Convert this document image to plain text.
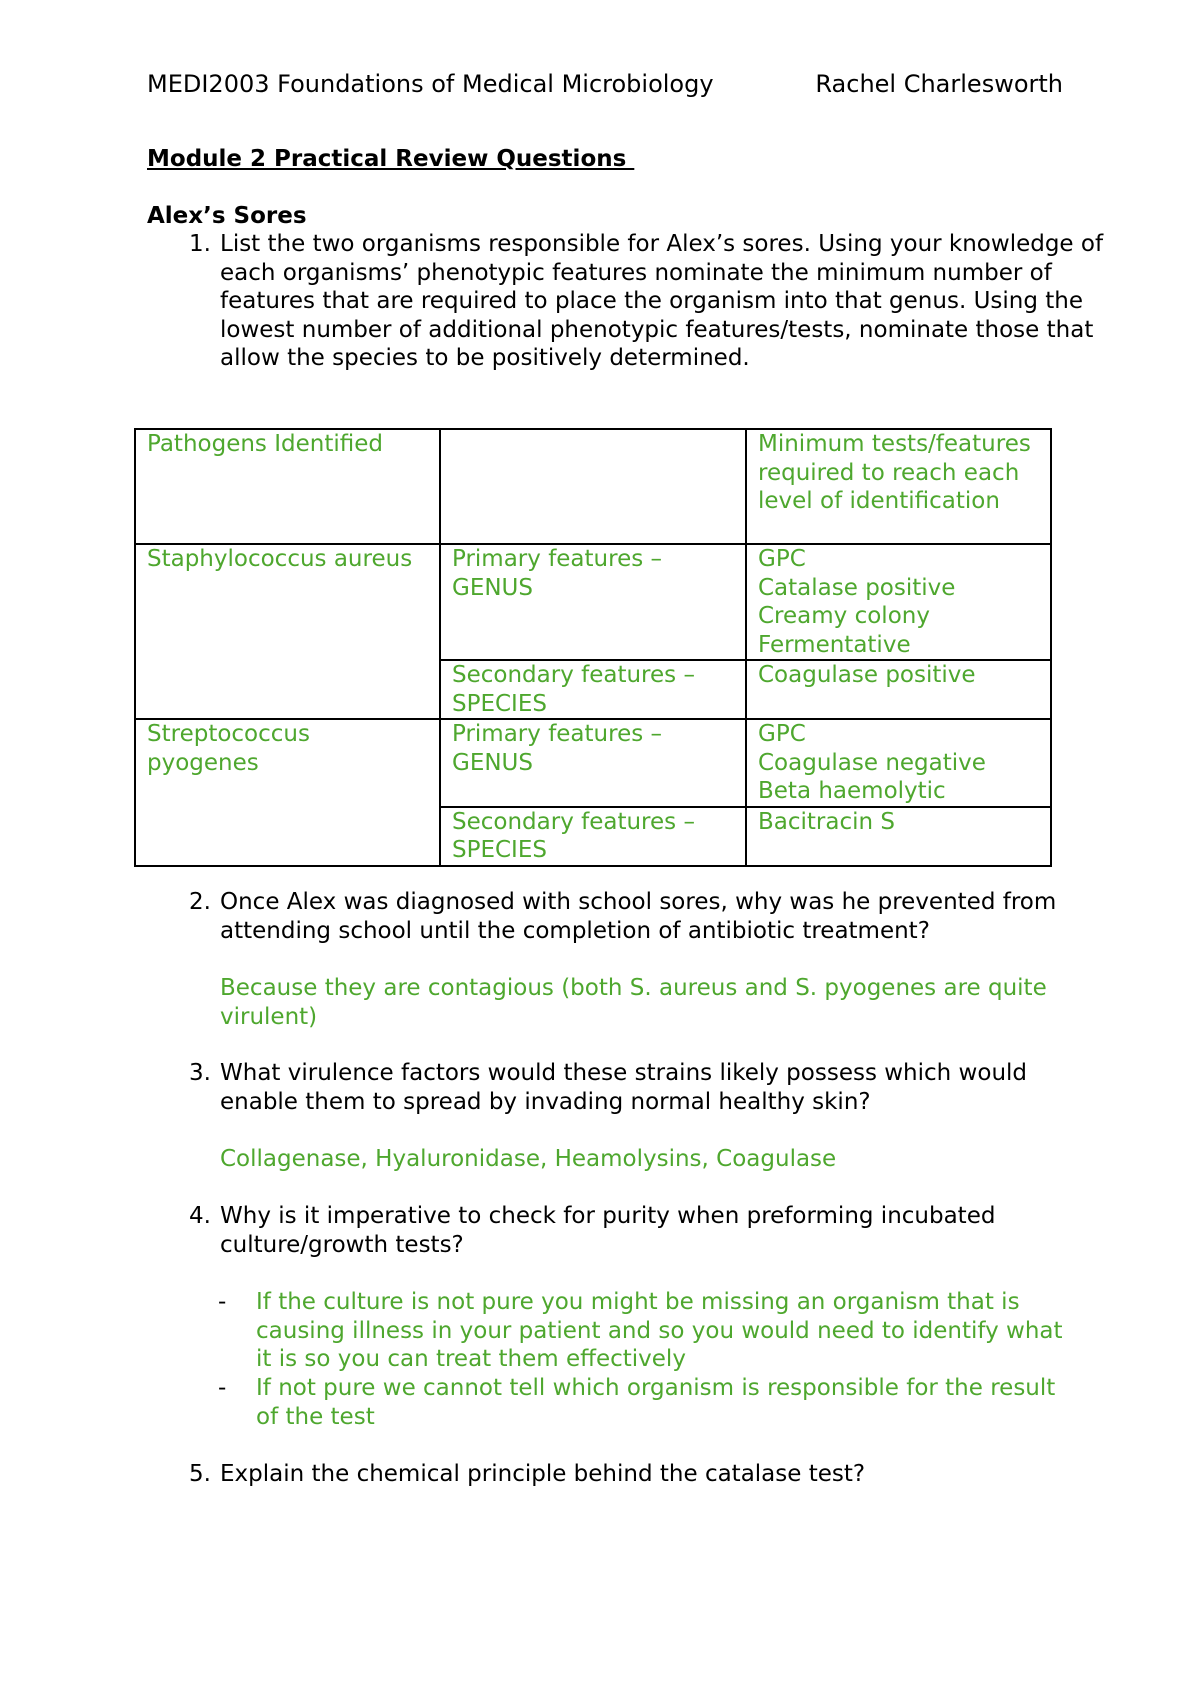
MEDI2003 Foundations of Medical Microbiology	Rachel Charlesworth
Module 2 Practical Review Questions
Alex’s Sores
1. List the two organisms responsible for Alex’s sores. Using your knowledge of each organisms’ phenotypic features nominate the minimum number of features that are required to place the organism into that genus. Using the lowest number of additional phenotypic features/tests, nominate those that allow the species to be positively determined.
Pathogens Identified		Minimum tests/features required to reach each level of identification
Staphylococcus aureus	Primary features – GENUS	GPC
Catalase positive
Creamy colony
Fermentative

	Secondary features – SPECIES	Coagulase positive

Streptococcus pyogenes	Primary features – GENUS	GPC
Coagulase negative
Beta haemolytic

	Secondary features – SPECIES	Bacitracin S
2. Once Alex was diagnosed with school sores, why was he prevented from attending school until the completion of antibiotic treatment?
Because they are contagious (both S. aureus and S. pyogenes are quite virulent)
3. What virulence factors would these strains likely possess which would enable them to spread by invading normal healthy skin?
Collagenase, Hyaluronidase, Heamolysins, Coagulase
4. Why is it imperative to check for purity when preforming incubated culture/growth tests?
- If the culture is not pure you might be missing an organism that is causing illness in your patient and so you would need to identify what it is so you can treat them effectively
- If not pure we cannot tell which organism is responsible for the result of the test
5. Explain the chemical principle behind the catalase test?
